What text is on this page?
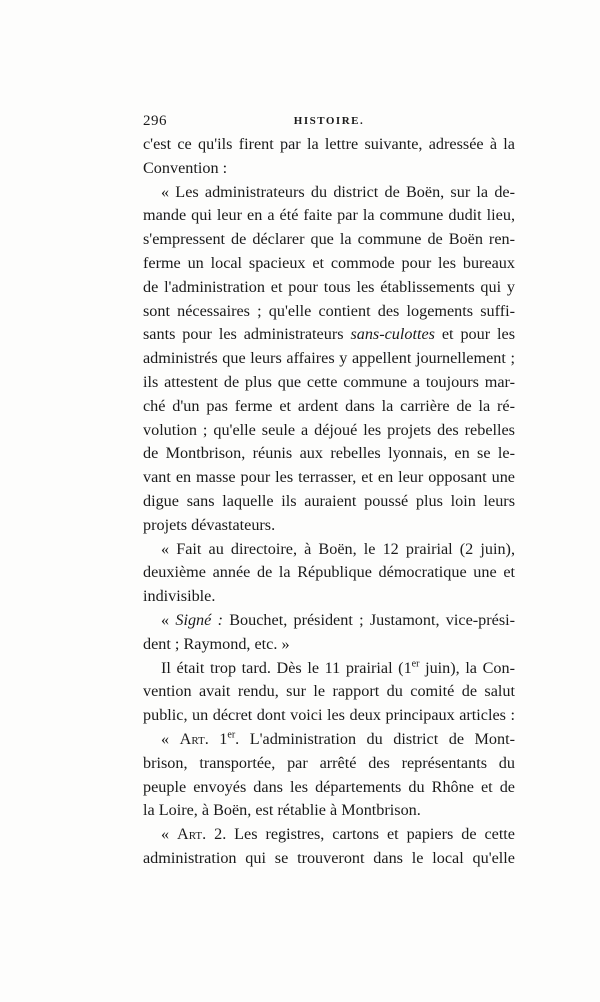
296	HISTOIRE.
c'est ce qu'ils firent par la lettre suivante, adressée à la
Convention :
« Les administrateurs du district de Boën, sur la de-
mande qui leur en a été faite par la commune dudit lieu,
s'empressent de déclarer que la commune de Boën ren-
ferme un local spacieux et commode pour les bureaux
de l'administration et pour tous les établissements qui y
sont nécessaires ; qu'elle contient des logements suffi-
sants pour les administrateurs sans-culottes et pour les
administrés que leurs affaires y appellent journellement ;
ils attestent de plus que cette commune a toujours mar-
ché d'un pas ferme et ardent dans la carrière de la ré-
volution ; qu'elle seule a déjoué les projets des rebelles
de Montbrison, réunis aux rebelles lyonnais, en se le-
vant en masse pour les terrasser, et en leur opposant une
digue sans laquelle ils auraient poussé plus loin leurs
projets dévastateurs.
« Fait au directoire, à Boën, le 12 prairial (2 juin),
deuxième année de la République démocratique une et
indivisible.
« Signé : Bouchet, président ; Justamont, vice-prési-
dent ; Raymond, etc. »
Il était trop tard. Dès le 11 prairial (1er juin), la Con-
vention avait rendu, sur le rapport du comité de salut
public, un décret dont voici les deux principaux articles :
« Art. 1er. L'administration du district de Mont-
brison, transportée, par arrêté des représentants du
peuple envoyés dans les départements du Rhône et de
la Loire, à Boën, est rétablie à Montbrison.
« Art. 2. Les registres, cartons et papiers de cette
administration qui se trouveront dans le local qu'elle
